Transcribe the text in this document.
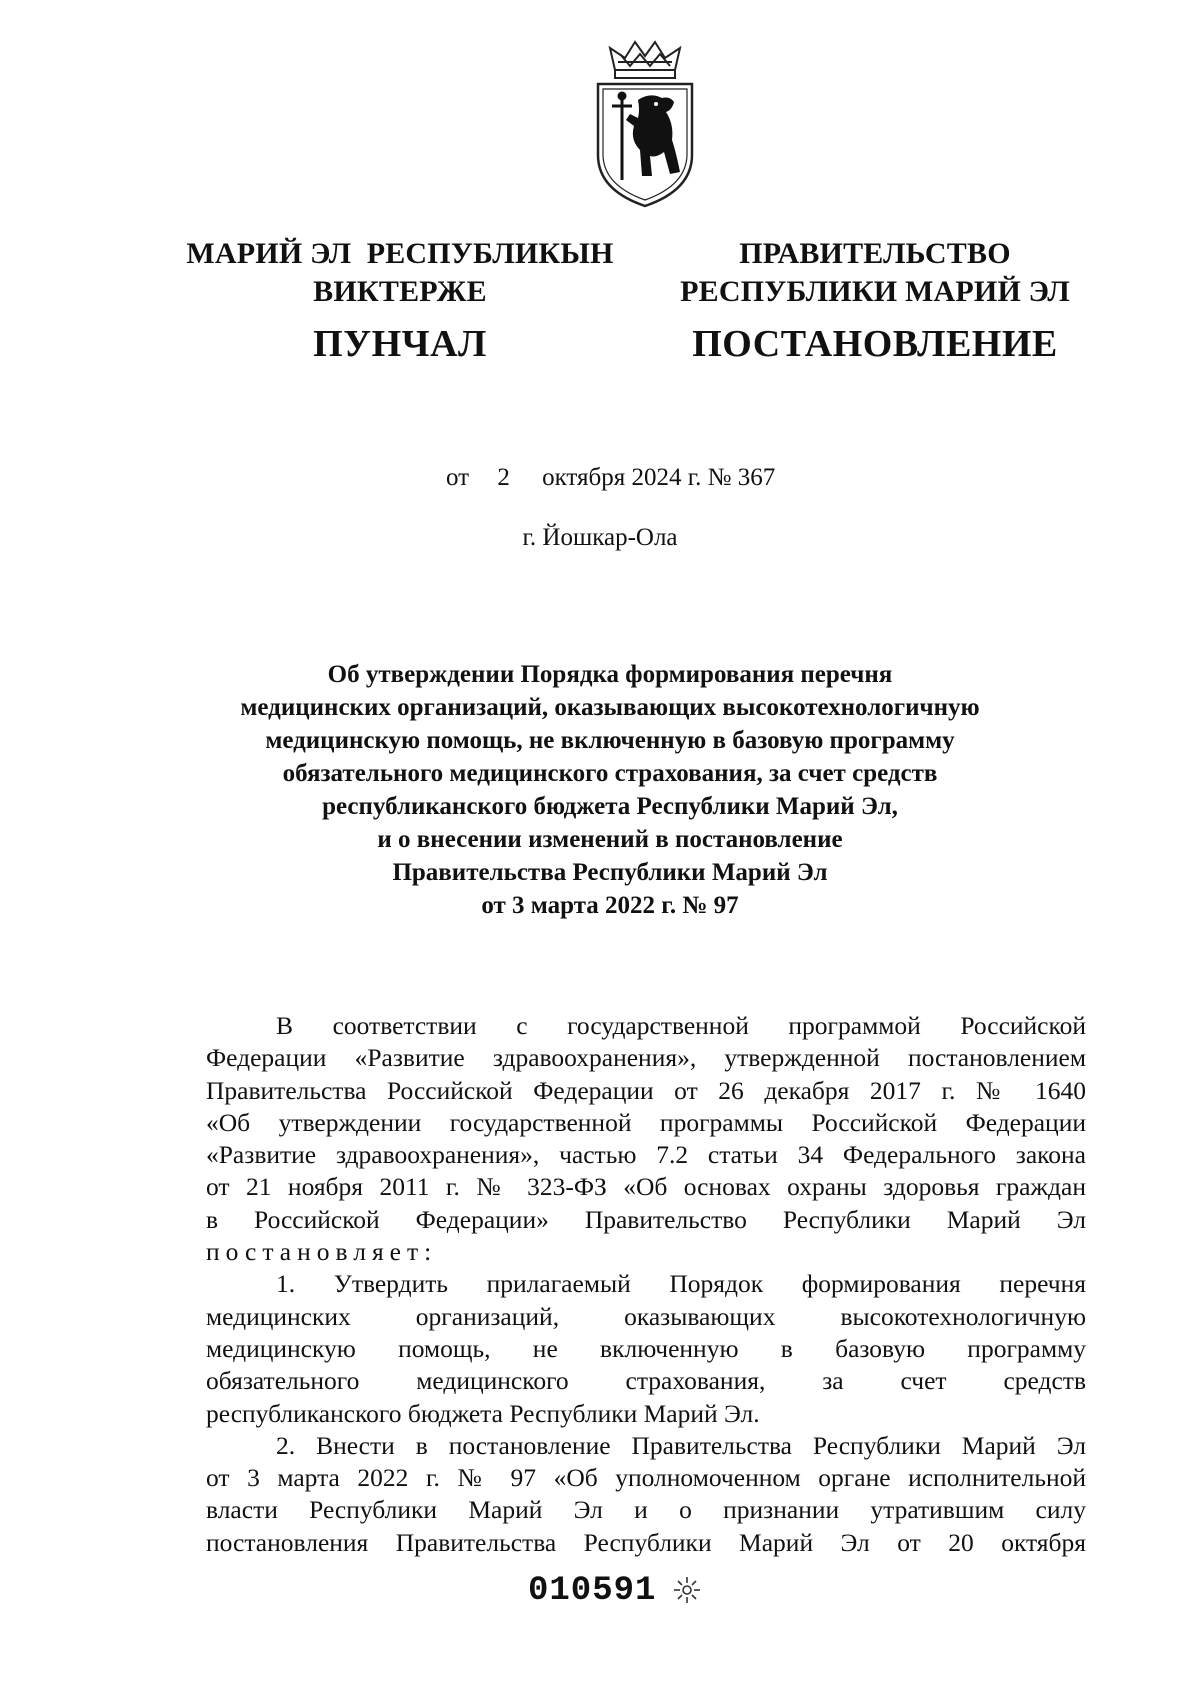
МАРИЙ ЭЛ  РЕСПУБЛИКЫН
ВИКТЕРЖЕ
ПУНЧАЛ
ПРАВИТЕЛЬСТВО
РЕСПУБЛИКИ МАРИЙ ЭЛ
ПОСТАНОВЛЕНИЕ
от 2 октября 2024 г. № 367
г. Йошкар-Ола
Об утверждении Порядка формирования перечня
медицинских организаций, оказывающих высокотехнологичную
медицинскую помощь, не включенную в базовую программу
обязательного медицинского страхования, за счет средств
республиканского бюджета Республики Марий Эл,
и о внесении изменений в постановление
Правительства Республики Марий Эл
от 3 марта 2022 г. № 97
В соответствии с государственной программой Российской
Федерации «Развитие здравоохранения», утвержденной постановлением
Правительства Российской Федерации от 26 декабря 2017 г. № 1640
«Об утверждении государственной программы Российской Федерации
«Развитие здравоохранения», частью 7.2 статьи 34 Федерального закона
от 21 ноября 2011 г. № 323-ФЗ «Об основах охраны здоровья граждан
в Российской Федерации» Правительство Республики Марий Эл
постановляет:
1. Утвердить прилагаемый Порядок формирования перечня
медицинских организаций, оказывающих высокотехнологичную
медицинскую помощь, не включенную в базовую программу
обязательного медицинского страхования, за счет средств
республиканского бюджета Республики Марий Эл.
2. Внести в постановление Правительства Республики Марий Эл
от 3 марта 2022 г. № 97 «Об уполномоченном органе исполнительной
власти Республики Марий Эл и о признании утратившим силу
постановления Правительства Республики Марий Эл от 20 октября
010591
